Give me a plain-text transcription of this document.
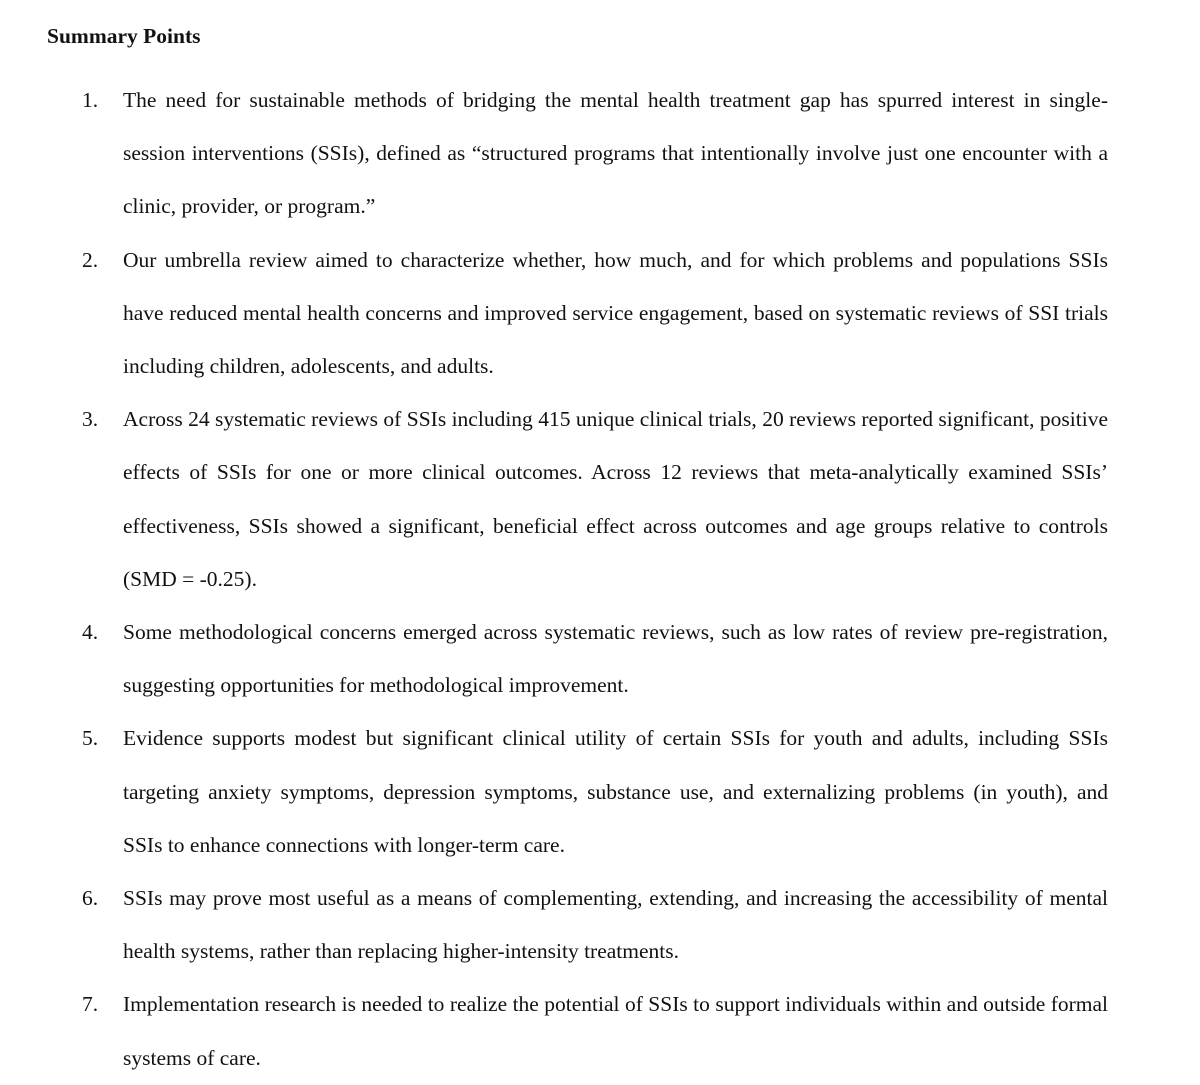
Summary Points
1.	The need for sustainable methods of bridging the mental health treatment gap has spurred interest in single-session interventions (SSIs), defined as “structured programs that intentionally involve just one encounter with a clinic, provider, or program.”
2.	Our umbrella review aimed to characterize whether, how much, and for which problems and populations SSIs have reduced mental health concerns and improved service engagement, based on systematic reviews of SSI trials including children, adolescents, and adults.
3.	Across 24 systematic reviews of SSIs including 415 unique clinical trials, 20 reviews reported significant, positive effects of SSIs for one or more clinical outcomes. Across 12 reviews that meta-analytically examined SSIs’ effectiveness, SSIs showed a significant, beneficial effect across outcomes and age groups relative to controls (SMD = -0.25).
4.	Some methodological concerns emerged across systematic reviews, such as low rates of review pre-registration, suggesting opportunities for methodological improvement.
5.	Evidence supports modest but significant clinical utility of certain SSIs for youth and adults, including SSIs targeting anxiety symptoms, depression symptoms, substance use, and externalizing problems (in youth), and SSIs to enhance connections with longer-term care.
6.	SSIs may prove most useful as a means of complementing, extending, and increasing the accessibility of mental health systems, rather than replacing higher-intensity treatments.
7.	Implementation research is needed to realize the potential of SSIs to support individuals within and outside formal systems of care.
